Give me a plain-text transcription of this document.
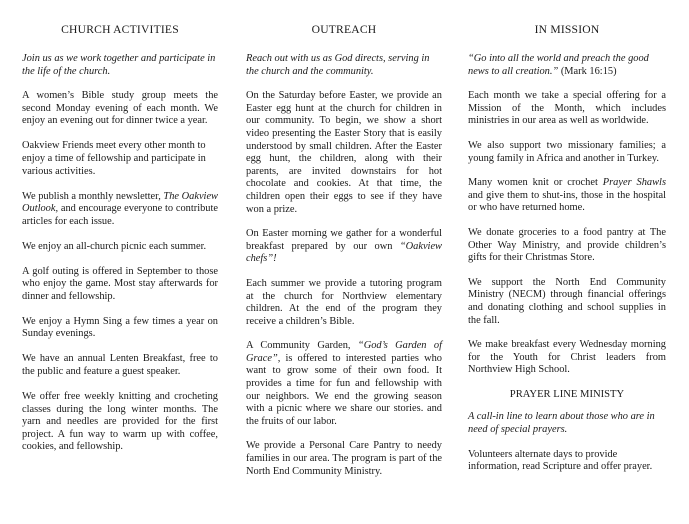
CHURCH ACTIVITIES

Join us as we work together and participate in the life of the church.

A women’s Bible study group meets the second Monday evening of each month. We enjoy an evening out for dinner twice a year.

Oakview Friends meet every other month to enjoy a time of fellowship and participate in various activities.

We publish a monthly newsletter, The Oakview Outlook, and encourage everyone to contribute articles for each issue.

We enjoy an all-church picnic each summer.

A golf outing is offered in September to those who enjoy the game. Most stay afterwards for dinner and fellowship.

We enjoy a Hymn Sing a few times a year on Sunday evenings.

We have an annual Lenten Breakfast, free to the public and feature a guest speaker.

We offer free weekly knitting and crocheting classes during the long winter months. The yarn and needles are provided for the first project. A fun way to warm up with coffee, cookies, and fellowship.

OUTREACH

Reach out with us as God directs, serving in the church and the community.

On the Saturday before Easter, we provide an Easter egg hunt at the church for children in our community. To begin, we show a short video presenting the Easter Story that is easily understood by small children. After the Easter egg hunt, the children, along with their parents, are invited downstairs for hot chocolate and cookies. At that time, the children open their eggs to see if they have won a prize.

On Easter morning we gather for a wonderful breakfast prepared by our own “Oakview chefs”!

Each summer we provide a tutoring program at the church for Northview elementary children. At the end of the program they receive a children’s Bible.

A Community Garden, “God’s Garden of Grace”, is offered to interested parties who want to grow some of their own food. It provides a time for fun and fellowship with our neighbors. We end the growing season with a picnic where we share our stories. and the fruits of our labor.

We provide a Personal Care Pantry to needy families in our area. The program is part of the North End Community Ministry.

IN MISSION

“Go into all the world and preach the good news to all creation.” (Mark 16:15)

Each month we take a special offering for a Mission of the Month, which includes ministries in our area as well as worldwide.

We also support two missionary families; a young family in Africa and another in Turkey.

Many women knit or crochet Prayer Shawls and give them to shut-ins, those in the hospital or who have returned home.

We donate groceries to a food pantry at The Other Way Ministry, and provide children’s gifts for their Christmas Store.

We support the North End Community Ministry (NECM) through financial offerings and donating clothing and school supplies in the fall.

We make breakfast every Wednesday morning for the Youth for Christ leaders from Northview High School.

PRAYER LINE MINISTY

A call-in line to learn about those who are in need of special prayers.

Volunteers alternate days to provide information, read Scripture and offer prayer.
